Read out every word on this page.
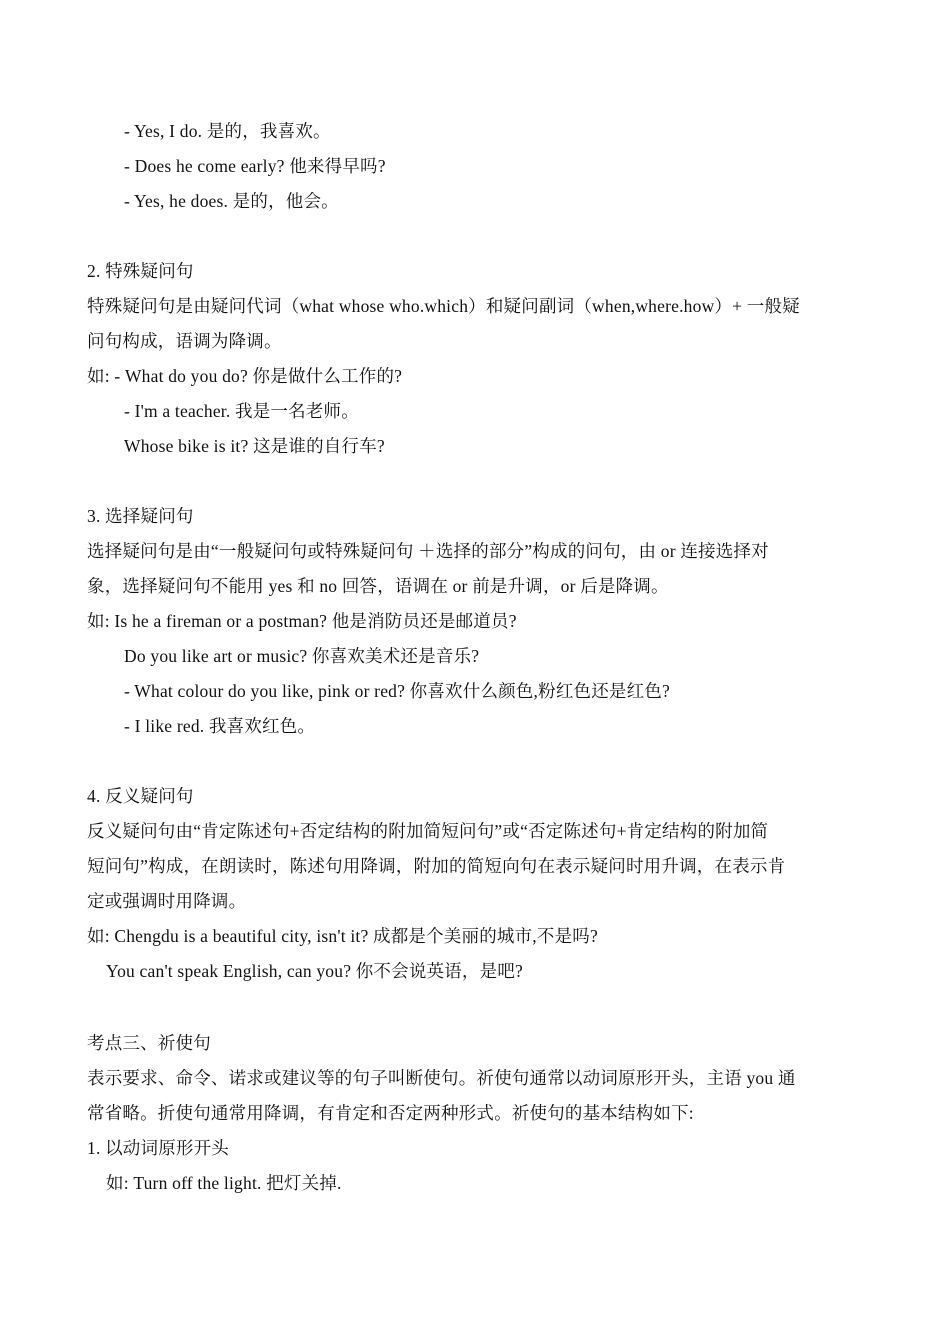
- Yes, I do. 是的，我喜欢。
- Does he come early? 他来得早吗?
- Yes, he does. 是的，他会。
2. 特殊疑问句
特殊疑问句是由疑问代词（what whose who.which）和疑问副词（when,where.how）+ 一般疑
问句构成，语调为降调。
如: - What do you do? 你是做什么工作的?
- I'm a teacher. 我是一名老师。
Whose bike is it? 这是谁的自行车?
3. 选择疑问句
选择疑问句是由“一般疑问句或特殊疑问句 ＋选择的部分”构成的问句，由 or 连接选择对
象，选择疑问句不能用 yes 和 no 回答，语调在 or 前是升调，or 后是降调。
如: Is he a fireman or a postman? 他是消防员还是邮道员?
Do you like art or music? 你喜欢美术还是音乐?
- What colour do you like, pink or red? 你喜欢什么颜色,粉红色还是红色?
- I like red. 我喜欢红色。
4. 反义疑问句
反义疑问句由“肯定陈述句+否定结构的附加简短问句”或“否定陈述句+肯定结构的附加简
短问句”构成，在朗读时，陈述句用降调，附加的简短向句在表示疑问时用升调，在表示肯
定或强调时用降调。
如: Chengdu is a beautiful city, isn't it? 成都是个美丽的城市,不是吗?
You can't speak English, can you? 你不会说英语，是吧?
考点三、祈使句
表示要求、命令、诺求或建议等的句子叫断使句。祈使句通常以动词原形开头，主语 you 通
常省略。折使句通常用降调，有肯定和否定两种形式。祈使句的基本结构如下:
1. 以动词原形开头
如: Turn off the light. 把灯关掉.
